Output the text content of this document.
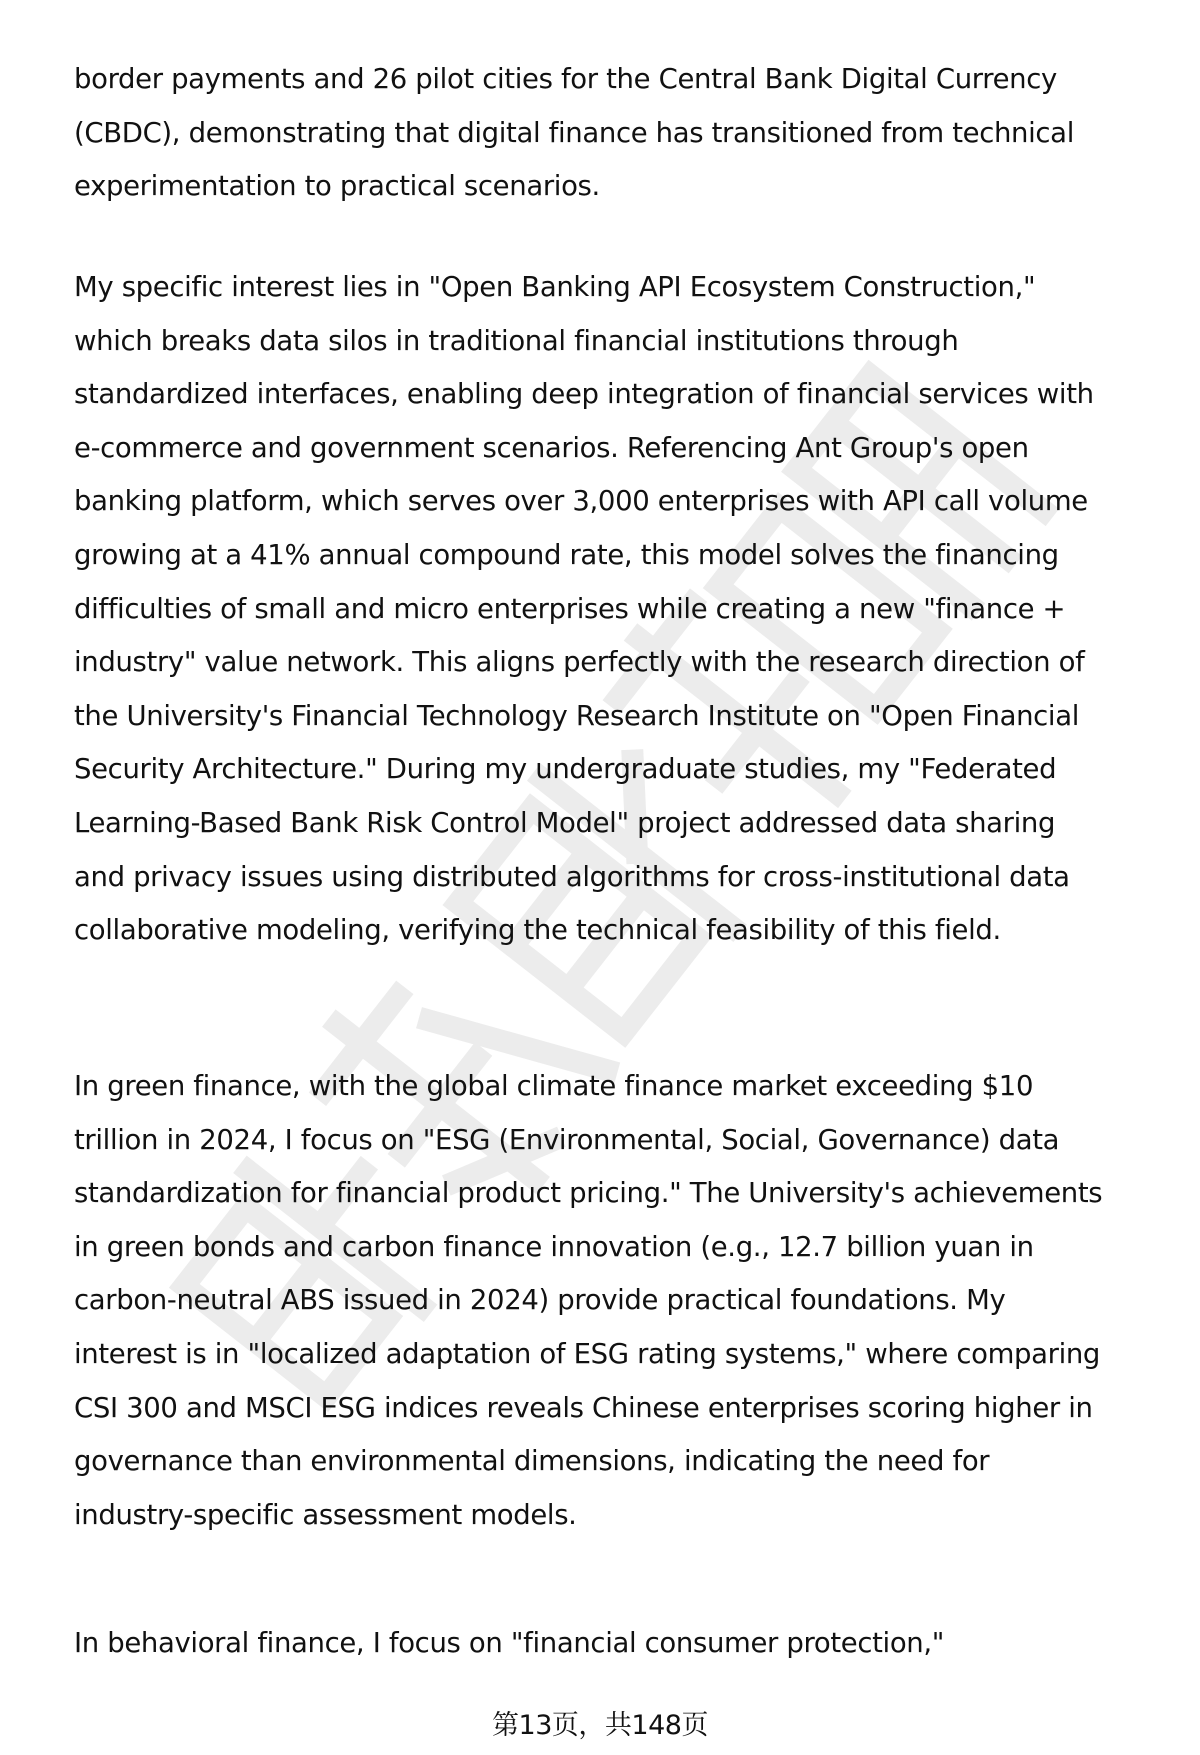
border payments and 26 pilot cities for the Central Bank Digital Currency
(CBDC), demonstrating that digital finance has transitioned from technical
experimentation to practical scenarios.
My specific interest lies in "Open Banking API Ecosystem Construction,"
which breaks data silos in traditional financial institutions through
standardized interfaces, enabling deep integration of financial services with
e-commerce and government scenarios. Referencing Ant Group's open
banking platform, which serves over 3,000 enterprises with API call volume
growing at a 41% annual compound rate, this model solves the financing
difficulties of small and micro enterprises while creating a new "finance +
industry" value network. This aligns perfectly with the research direction of
the University's Financial Technology Research Institute on "Open Financial
Security Architecture." During my undergraduate studies, my "Federated
Learning-Based Bank Risk Control Model" project addressed data sharing
and privacy issues using distributed algorithms for cross-institutional data
collaborative modeling, verifying the technical feasibility of this field.
In green finance, with the global climate finance market exceeding $10
trillion in 2024, I focus on "ESG (Environmental, Social, Governance) data
standardization for financial product pricing." The University's achievements
in green bonds and carbon finance innovation (e.g., 12.7 billion yuan in
carbon-neutral ABS issued in 2024) provide practical foundations. My
interest is in "localized adaptation of ESG rating systems," where comparing
CSI 300 and MSCI ESG indices reveals Chinese enterprises scoring higher in
governance than environmental dimensions, indicating the need for
industry-specific assessment models.
In behavioral finance, I focus on "financial consumer protection,"
第13页，共148页
